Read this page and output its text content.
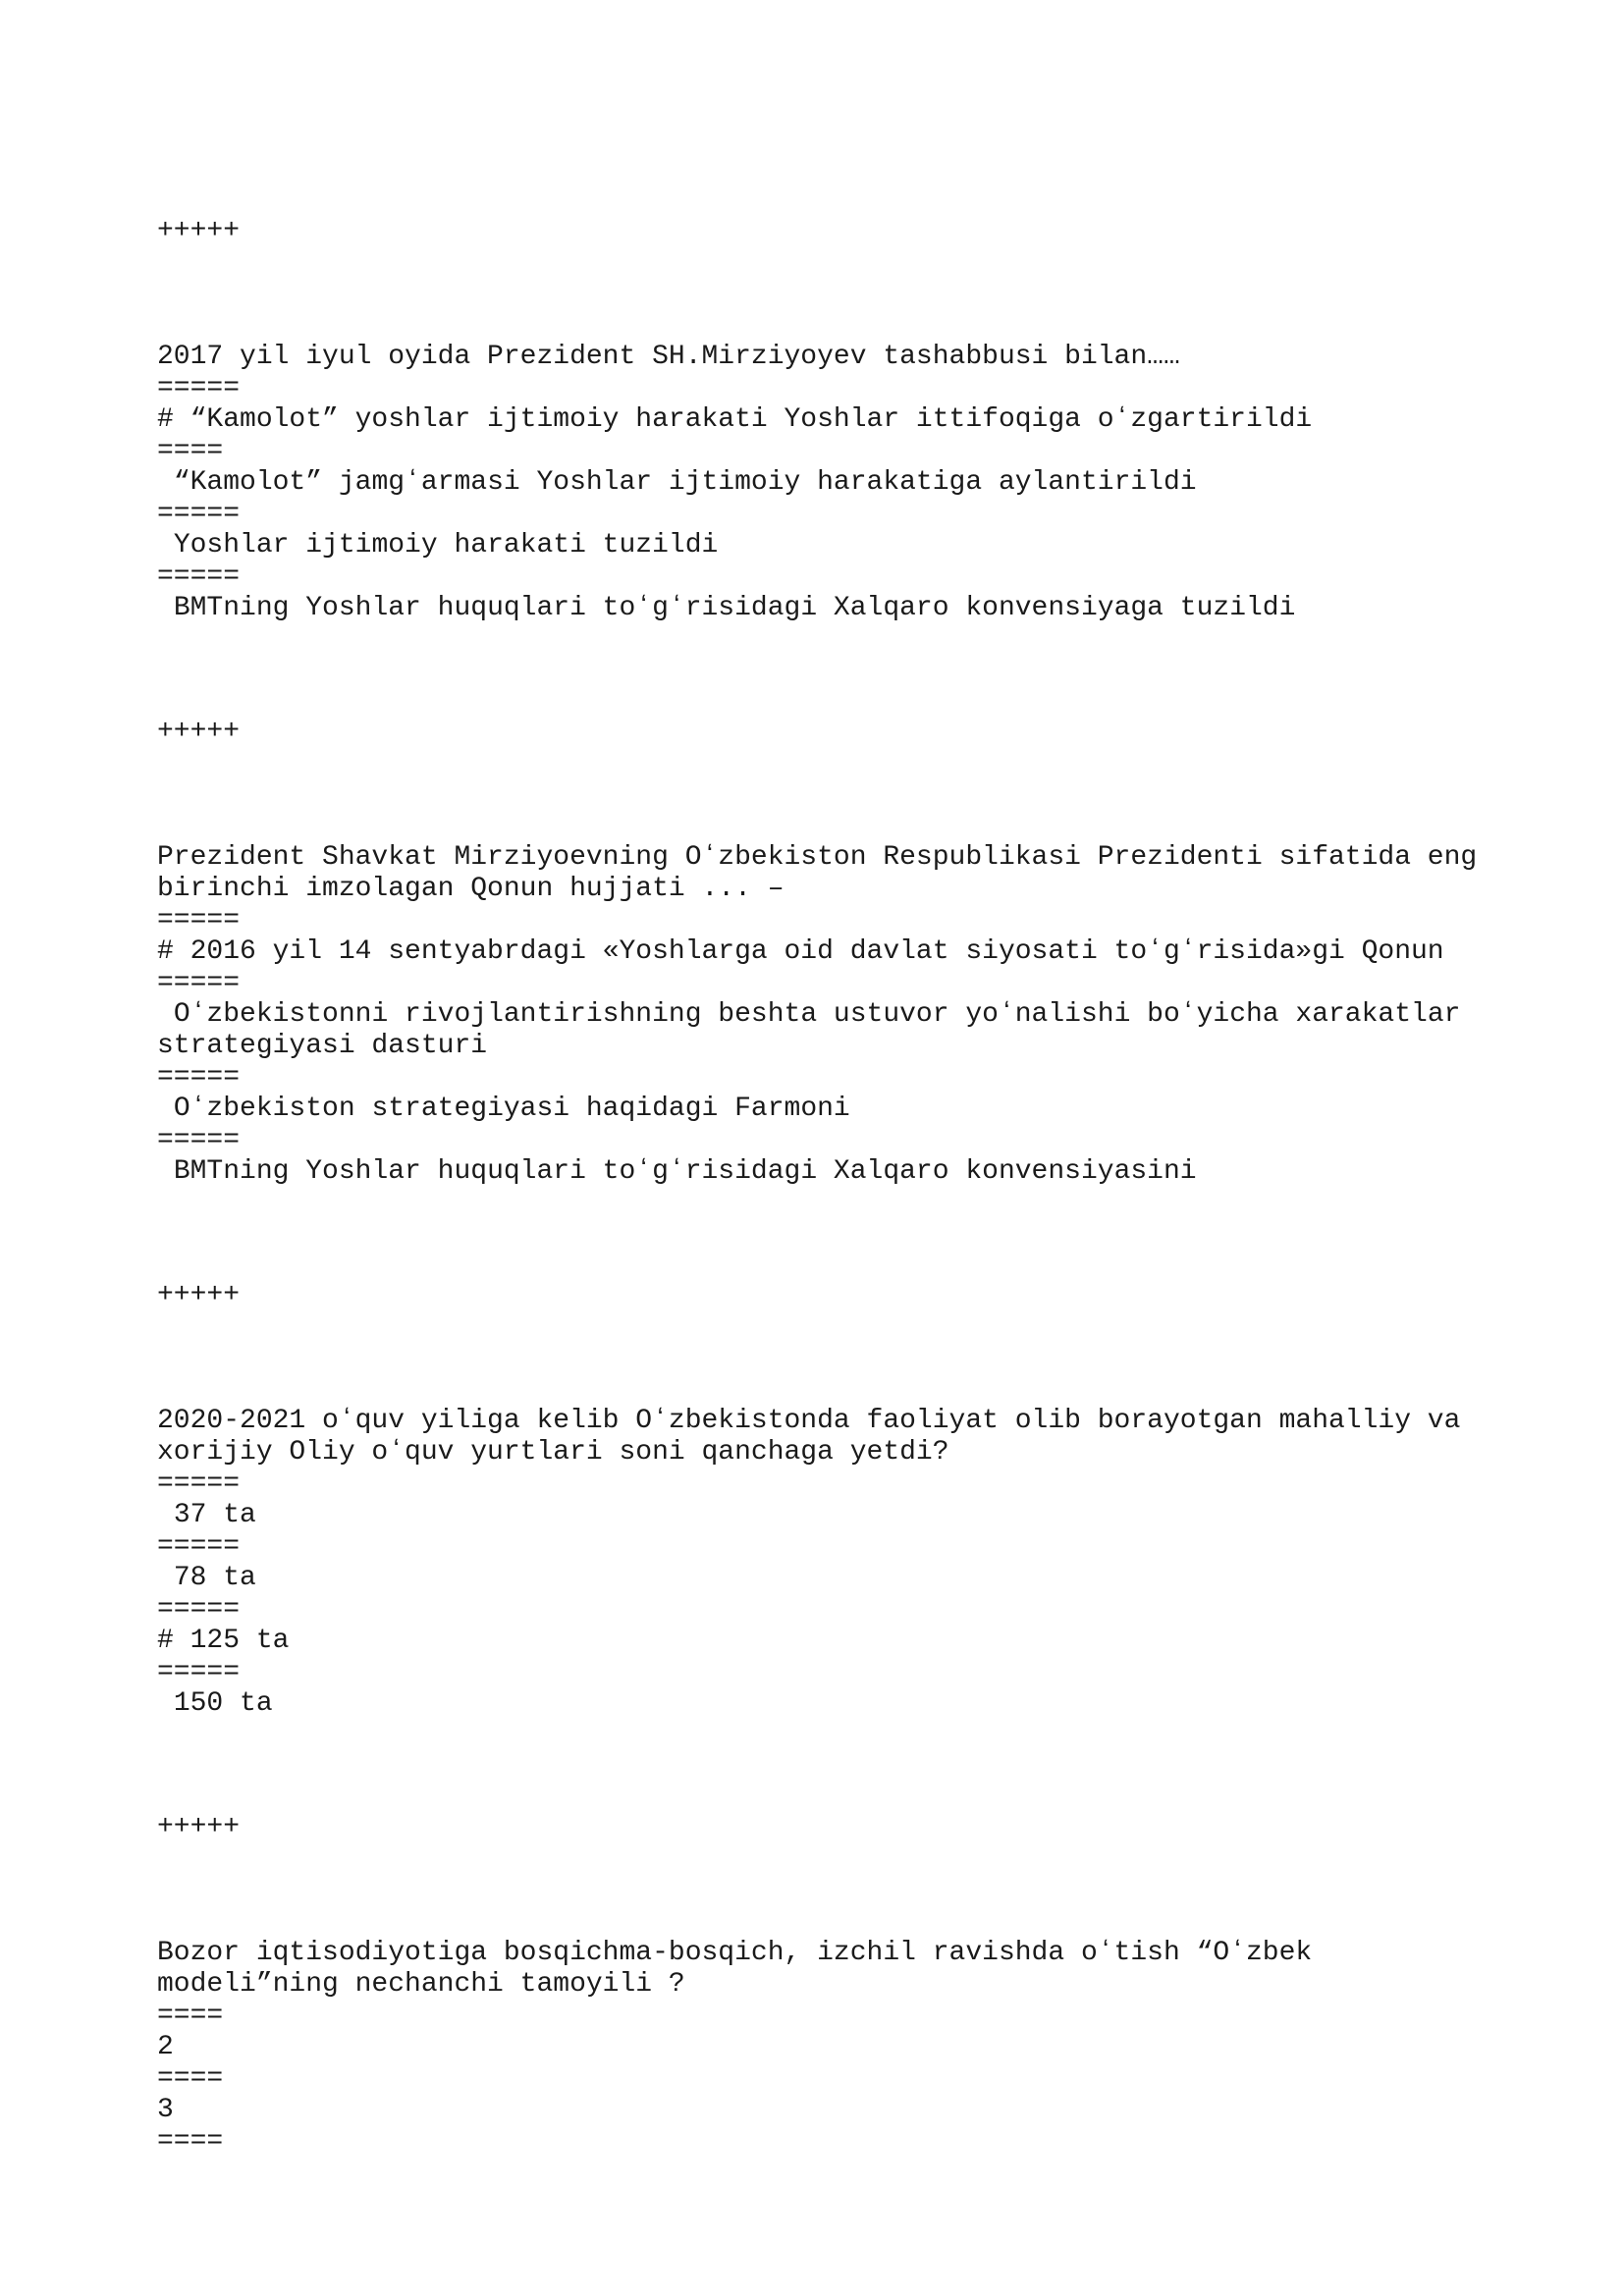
+++++
2017 yil iyul oyida Prezident SH.Mirziyoyev tashabbusi bilan……
=====
# “Kamolot” yoshlar ijtimoiy harakati Yoshlar ittifoqiga oʻzgartirildi
====
“Kamolot” jamgʻarmasi Yoshlar ijtimoiy harakatiga aylantirildi
=====
Yoshlar ijtimoiy harakati tuzildi
=====
BMTning Yoshlar huquqlari toʻgʻrisidagi Xalqaro konvensiyaga tuzildi
+++++
Prezident Shavkat Mirziyoevning Oʻzbekiston Respublikasi Prezidenti sifatida eng birinchi imzolagan Qonun hujjati ... –
=====
# 2016 yil 14 sentyabrdagi «Yoshlarga oid davlat siyosati toʻgʻrisida»gi Qonun
=====
Oʻzbekistonni rivojlantirishning beshta ustuvor yoʻnalishi boʻyicha xarakatlar strategiyasi dasturi
=====
Oʻzbekiston strategiyasi haqidagi Farmoni
=====
BMTning Yoshlar huquqlari toʻgʻrisidagi Xalqaro konvensiyasini
+++++
2020-2021 oʻquv yiliga kelib Oʻzbekistonda faoliyat olib borayotgan mahalliy va xorijiy Oliy oʻquv yurtlari soni qanchaga yetdi?
=====
37 ta
=====
78 ta
=====
# 125 ta
=====
150 ta
+++++
Bozor iqtisodiyotiga bosqichma-bosqich, izchil ravishda oʻtish “Oʻzbek modeli”ning nechanchi tamoyili ?
====
2
====
3
====
